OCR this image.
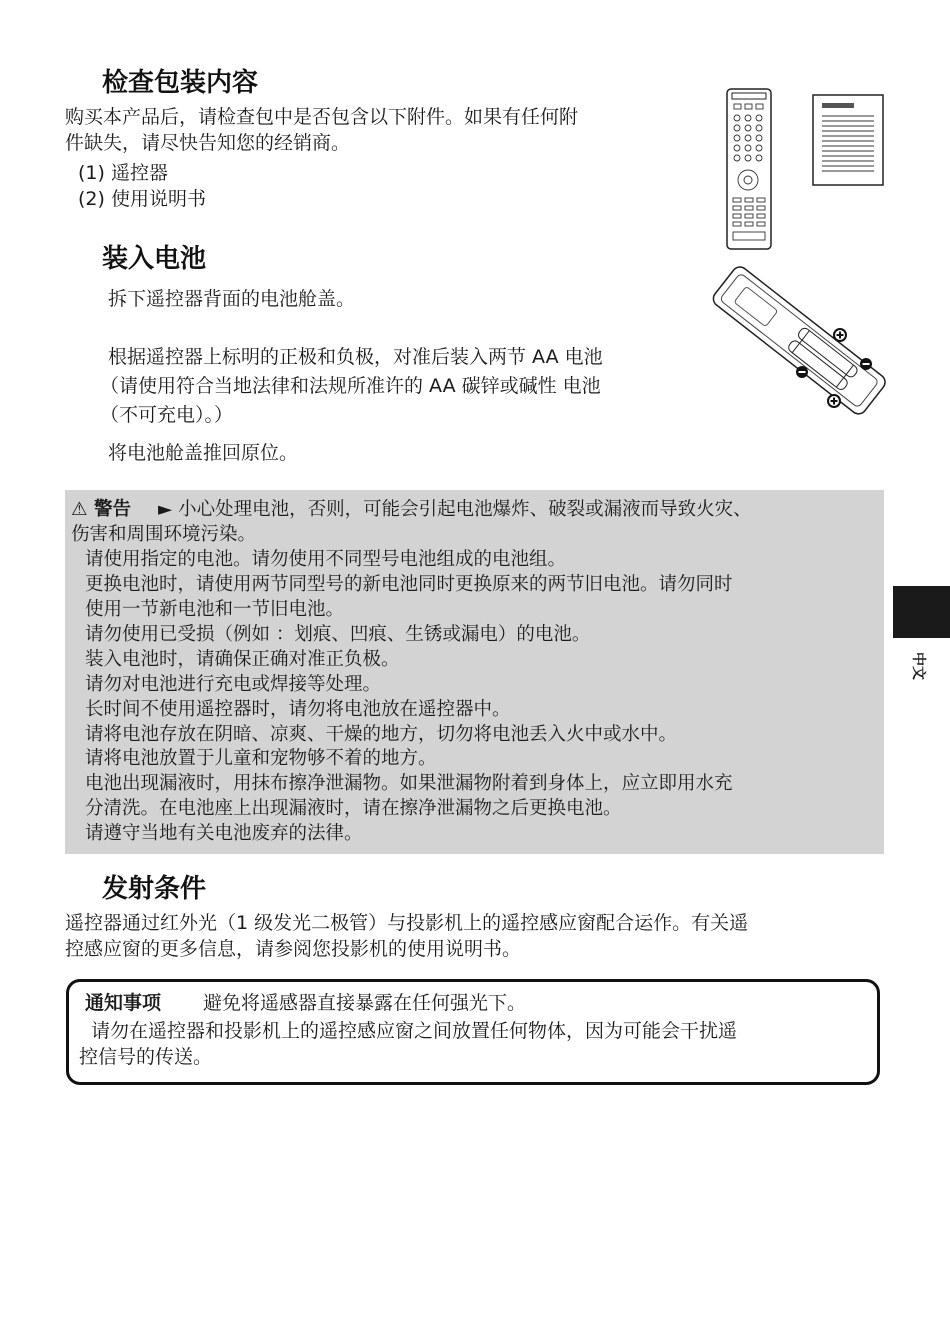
检查包装内容
购买本产品后，请检查包中是否包含以下附件。如果有任何附
件缺失，请尽快告知您的经销商。
(1) 遥控器
(2) 使用说明书
装入电池
拆下遥控器背面的电池舱盖。
根据遥控器上标明的正极和负极，对准后装入两节 AA 电池
（请使用符合当地法律和法规所准许的 AA 碳锌或碱性 电池
（不可充电）。）
将电池舱盖推回原位。
⚠ 警告 ► 小心处理电池，否则，可能会引起电池爆炸、破裂或漏液而导致火灾、
伤害和周围环境污染。
请使用指定的电池。请勿使用不同型号电池组成的电池组。
更换电池时，请使用两节同型号的新电池同时更换原来的两节旧电池。请勿同时
使用一节新电池和一节旧电池。
请勿使用已受损（例如 ：划痕、凹痕、生锈或漏电）的电池。
装入电池时，请确保正确对准正负极。
请勿对电池进行充电或焊接等处理。
长时间不使用遥控器时，请勿将电池放在遥控器中。
请将电池存放在阴暗、凉爽、干燥的地方，切勿将电池丢入火中或水中。
请将电池放置于儿童和宠物够不着的地方。
电池出现漏液时，用抹布擦净泄漏物。如果泄漏物附着到身体上，应立即用水充
分清洗。在电池座上出现漏液时，请在擦净泄漏物之后更换电池。
请遵守当地有关电池废弃的法律。
中文
发射条件
遥控器通过红外光（1 级发光二极管）与投影机上的遥控感应窗配合运作。有关遥
控感应窗的更多信息，请参阅您投影机的使用说明书。
通知事项 避免将遥感器直接暴露在任何强光下。
请勿在遥控器和投影机上的遥控感应窗之间放置任何物体，因为可能会干扰遥
控信号的传送。
